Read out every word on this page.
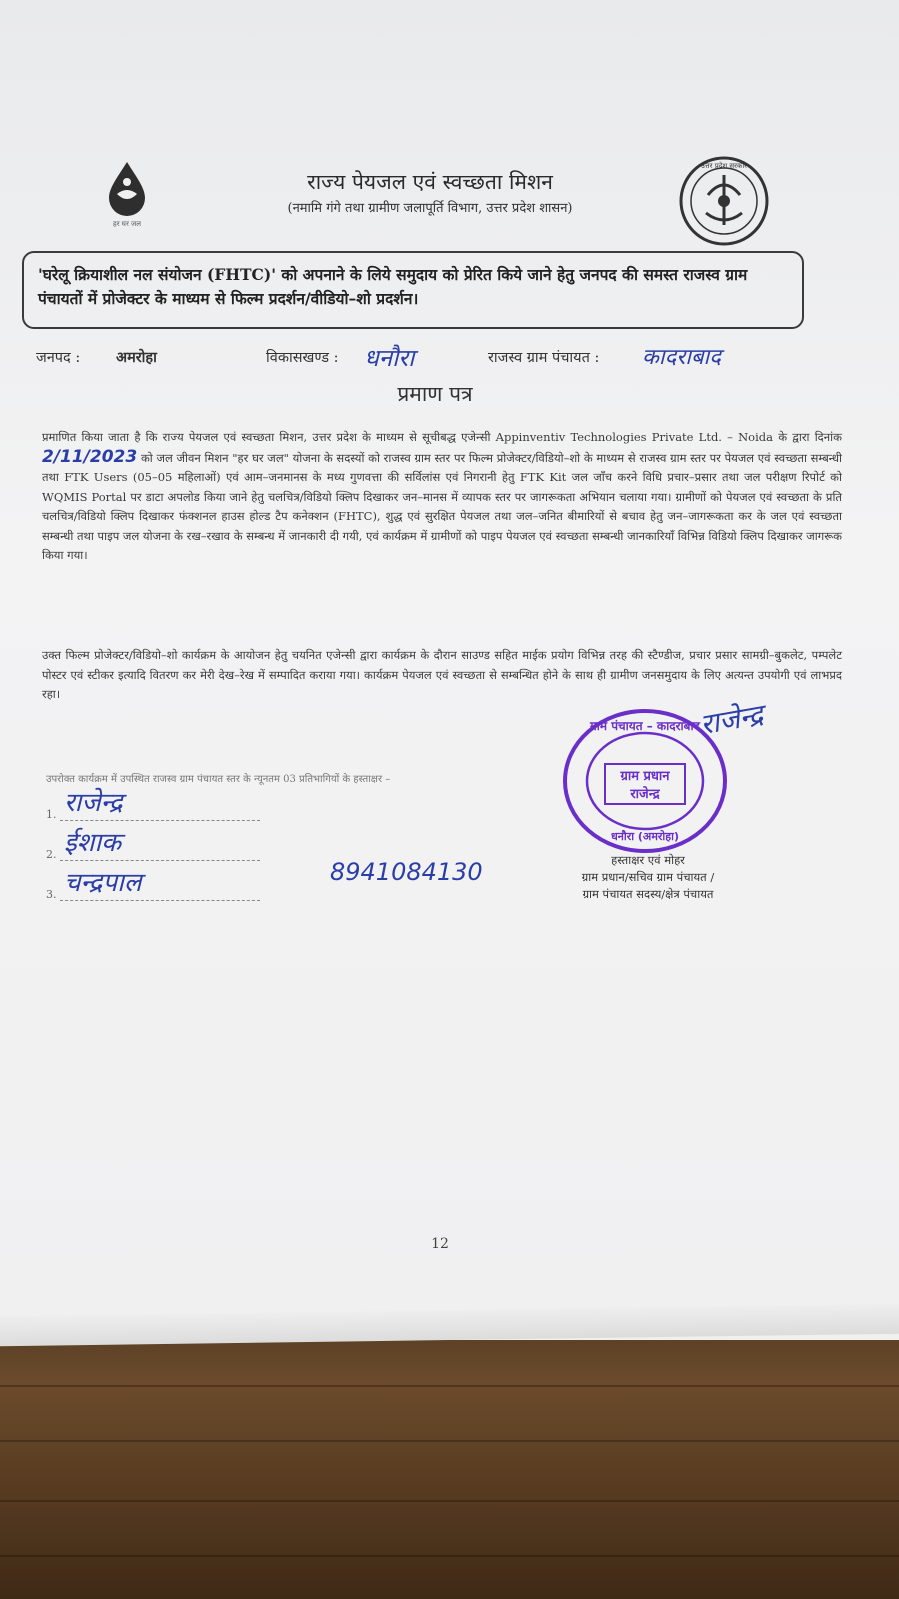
हर घर जल
राज्य पेयजल एवं स्वच्छता मिशन
(नमामि गंगे तथा ग्रामीण जलापूर्ति विभाग, उत्तर प्रदेश शासन)
उत्तर प्रदेश सरकार
'घरेलू क्रियाशील नल संयोजन (FHTC)' को अपनाने के लिये समुदाय को प्रेरित किये जाने हेतु जनपद की समस्त राजस्व ग्राम पंचायतों में प्रोजेक्टर के माध्यम से फिल्म प्रदर्शन/वीडियो–शो प्रदर्शन।
जनपद : अमरोहा	विकासखण्ड : धनौरा	राजस्व ग्राम पंचायत : कादराबाद
प्रमाण पत्र
प्रमाणित किया जाता है कि राज्य पेयजल एवं स्वच्छता मिशन, उत्तर प्रदेश के माध्यम से सूचीबद्ध एजेन्सी Appinventiv Technologies Private Ltd. – Noida के द्वारा दिनांक 2/11/2023 को जल जीवन मिशन "हर घर जल" योजना के सदस्यों को राजस्व ग्राम स्तर पर फिल्म प्रोजेक्टर/विडियो–शो के माध्यम से राजस्व ग्राम स्तर पर पेयजल एवं स्वच्छता सम्बन्धी तथा FTK Users (05–05 महिलाओं) एवं आम–जनमानस के मध्य गुणवत्ता की सर्विलांस एवं निगरानी हेतु FTK Kit जल जाँच करने विधि प्रचार–प्रसार तथा जल परीक्षण रिपोर्ट को WQMIS Portal पर डाटा अपलोड किया जाने हेतु चलचित्र/विडियो क्लिप दिखाकर जन–मानस में व्यापक स्तर पर जागरूकता अभियान चलाया गया। ग्रामीणों को पेयजल एवं स्वच्छता के प्रति चलचित्र/विडियो क्लिप दिखाकर फंक्शनल हाउस होल्ड टैप कनेक्शन (FHTC), शुद्ध एवं सुरक्षित पेयजल तथा जल–जनित बीमारियों से बचाव हेतु जन–जागरूकता कर के जल एवं स्वच्छता सम्बन्धी तथा पाइप जल योजना के रख–रखाव के सम्बन्ध में जानकारी दी गयी, एवं कार्यक्रम में ग्रामीणों को पाइप पेयजल एवं स्वच्छता सम्बन्धी जानकारियाँ विभिन्न विडियो क्लिप दिखाकर जागरूक किया गया।
उक्त फिल्म प्रोजेक्टर/विडियो–शो कार्यक्रम के आयोजन हेतु चयनित एजेन्सी द्वारा कार्यक्रम के दौरान साउण्ड सहित माईक प्रयोग विभिन्न तरह की स्टैण्डीज, प्रचार प्रसार सामग्री–बुकलेट, पम्पलेट पोस्टर एवं स्टीकर इत्यादि वितरण कर मेरी देख–रेख में सम्पादित कराया गया। कार्यक्रम पेयजल एवं स्वच्छता से सम्बन्धित होने के साथ ही ग्रामीण जनसमुदाय के लिए अत्यन्त उपयोगी एवं लाभप्रद रहा।
उपरोक्त कार्यक्रम में उपस्थित राजस्व ग्राम पंचायत स्तर के न्यूनतम 03 प्रतिभागियों के हस्ताक्षर –
1. राजेन्द्र
2. ईशाक
3. चन्द्रपाल	8941084130
राजेन्द्र
ग्राम पंचायत – कादराबाद
ग्राम प्रधान
राजेन्द्र
धनौरा (अमरोहा)
हस्ताक्षर एवं मोहर
ग्राम प्रधान/सचिव ग्राम पंचायत /
ग्राम पंचायत सदस्य/क्षेत्र पंचायत
12
